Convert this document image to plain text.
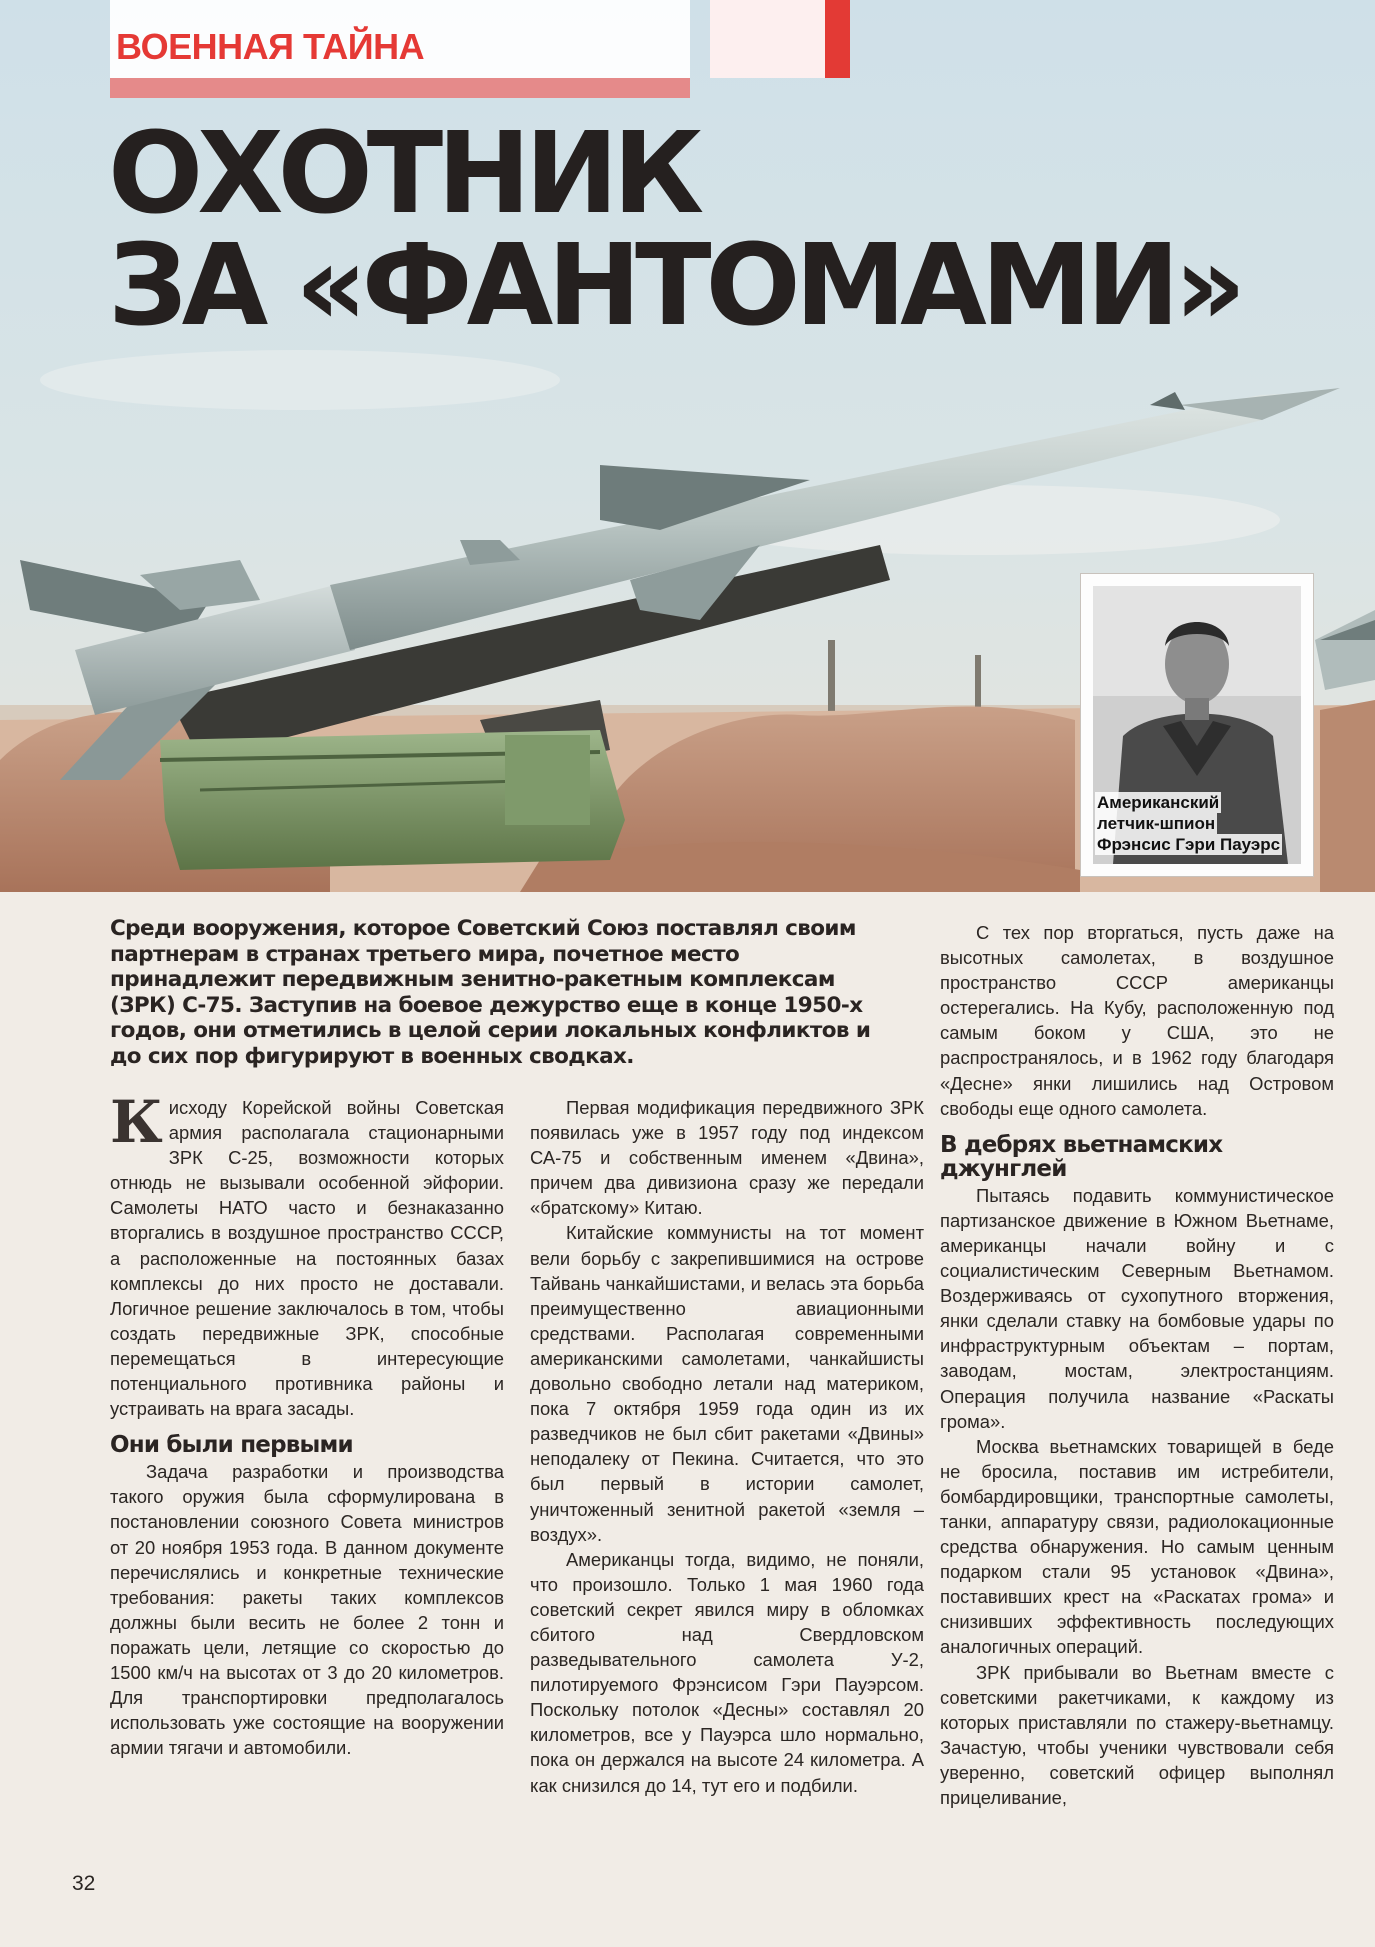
ВОЕННАЯ ТАЙНА
ОХОТНИК
ЗА «ФАНТОМАМИ»
Американский
летчик-шпион
Фрэнсис Гэри Пауэрс
Среди вооружения, которое Советский Союз поставлял своим партнерам в странах третьего мира, почетное место принадлежит передвижным зенитно-ракетным комплексам (ЗРК) С-75. Заступив на боевое дежурство еще в конце 1950-х годов, они отметились в целой серии локальных конфликтов и до сих пор фигурируют в военных сводках.

Кисходу Корейской войны Советская армия располагала стационарными ЗРК С-25, возможности которых отнюдь не вызывали особенной эйфории. Самолеты НАТО часто и безнаказанно вторгались в воздушное пространство СССР, а расположенные на постоянных базах комплексы до них просто не доставали. Логичное решение заключалось в том, чтобы создать передвижные ЗРК, способные перемещаться в интересующие потенциального противника районы и устраивать на врага засады.

Они были первыми

Задача разработки и производства такого оружия была сформулирована в постановлении союзного Совета министров от 20 ноября 1953 года. В данном документе перечислялись и конкретные технические требования: ракеты таких комплексов должны были весить не более 2 тонн и поражать цели, летящие со скоростью до 1500 км/ч на высотах от 3 до 20 километров. Для транспортировки предполагалось использовать уже состоящие на вооружении армии тягачи и автомобили.

Первая модификация передвижного ЗРК появилась уже в 1957 году под индексом СА-75 и собственным именем «Двина», причем два дивизиона сразу же передали «братскому» Китаю.

Китайские коммунисты на тот момент вели борьбу с закрепившимися на острове Тайвань чанкайшистами, и велась эта борьба преимущественно авиационными средствами. Располагая современными американскими самолетами, чанкайшисты довольно свободно летали над материком, пока 7 октября 1959 года один из их разведчиков не был сбит ракетами «Двины» неподалеку от Пекина. Считается, что это был первый в истории самолет, уничтоженный зенитной ракетой «земля – воздух».

Американцы тогда, видимо, не поняли, что произошло. Только 1 мая 1960 года советский секрет явился миру в обломках сбитого над Свердловском разведывательного самолета У-2, пилотируемого Фрэнсисом Гэри Пауэрсом. Поскольку потолок «Десны» составлял 20 километров, все у Пауэрса шло нормально, пока он держался на высоте 24 километра. А как снизился до 14, тут его и подбили.

С тех пор вторгаться, пусть даже на высотных самолетах, в воздушное пространство СССР американцы остерегались. На Кубу, расположенную под самым боком у США, это не распространялось, и в 1962 году благодаря «Десне» янки лишились над Островом свободы еще одного самолета.

В дебрях вьетнамских джунглей

Пытаясь подавить коммунистическое партизанское движение в Южном Вьетнаме, американцы начали войну и с социалистическим Северным Вьетнамом. Воздерживаясь от сухопутного вторжения, янки сделали ставку на бомбовые удары по инфраструктурным объектам – портам, заводам, мостам, электростанциям. Операция получила название «Раскаты грома».

Москва вьетнамских товарищей в беде не бросила, поставив им истребители, бомбардировщики, транспортные самолеты, танки, аппаратуру связи, радиолокационные средства обнаружения. Но самым ценным подарком стали 95 установок «Двина», поставивших крест на «Раскатах грома» и снизивших эффективность последующих аналогичных операций.

ЗРК прибывали во Вьетнам вместе с советскими ракетчиками, к каждому из которых приставляли по стажеру-вьетнамцу. Зачастую, чтобы ученики чувствовали себя уверенно, советский офицер выполнял прицеливание,

32
